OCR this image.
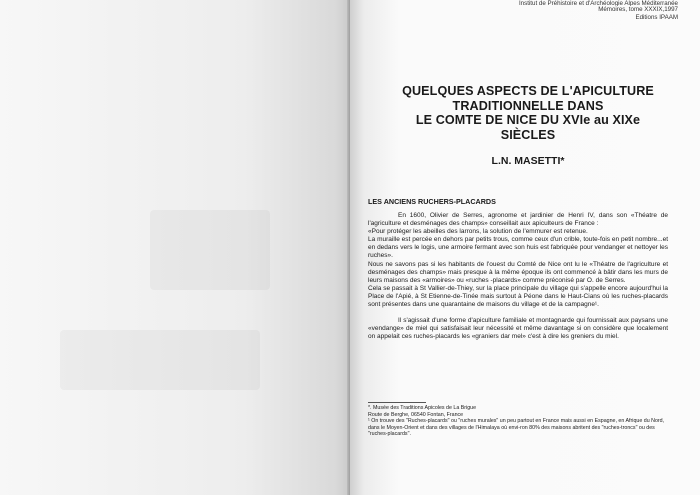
Institut de Préhistoire et d'Archéologie Alpes Méditerranée
Mémoires, tome XXXIX,1997
Editions IPAAM
QUELQUES ASPECTS DE L'APICULTURE
TRADITIONNELLE DANS
LE COMTE DE NICE DU XVIe au XIXe
SIÈCLES
L.N. MASETTI*
LES ANCIENS RUCHERS-PLACARDS

En 1600, Olivier de Serres, agronome et jardinier de Henri IV, dans son «Théatre de l'agriculture et desménages des champs» conseillait aux apiculteurs de France :

«Pour protéger les abeilles des larrons, la solution de l'emmurer est retenue.

La muraille est percée en dehors par petits trous, comme ceux d'un crible, toute-fois en petit nombre...et en dedans vers le logis, une armoire fermant avec son huis est fabriquée pour vendanger et nettoyer les ruches».

Nous ne savons pas si les habitants de l'ouest du Comté de Nice ont lu le «Théatre de l'agriculture et desménages des champs» mais presque à la même époque ils ont commencé à bâtir dans les murs de leurs maisons des «armoires» ou «ruches -placards» comme préconisé par O. de Serres.

Cela se passait à St Vallier-de-Thiey, sur la place principale du village qui s'appelle encore aujourd'hui la Place de l'Apié, à St Etienne-de-Tinée mais surtout à Péone dans le Haut-Cians où les ruches-placards sont présentes dans une quarantaine de maisons du village et de la campagne¹.

Il s'agissait d'une forme d'apiculture familiale et montagnarde qui fournissait aux paysans une «vendange» de miel qui satisfaisait leur nécessité et même davantage si on considère que localement on appelait ces ruches-placards les «graniers dar mel» c'est à dire les greniers du miel.

*. Musée des Traditions Apicoles de La Brigue

Route de Berghe, 06540 Fontan, France

¹ On trouve des "Ruches-placards" ou "ruches murales" un peu partout en France mais aussi en Espagne, en Afrique du Nord, dans le Moyen-Orient et dans des villages de l'Himalaya où envi-ron 80% des maisons abritent des "ruches-troncs" ou des "ruches-placards".
